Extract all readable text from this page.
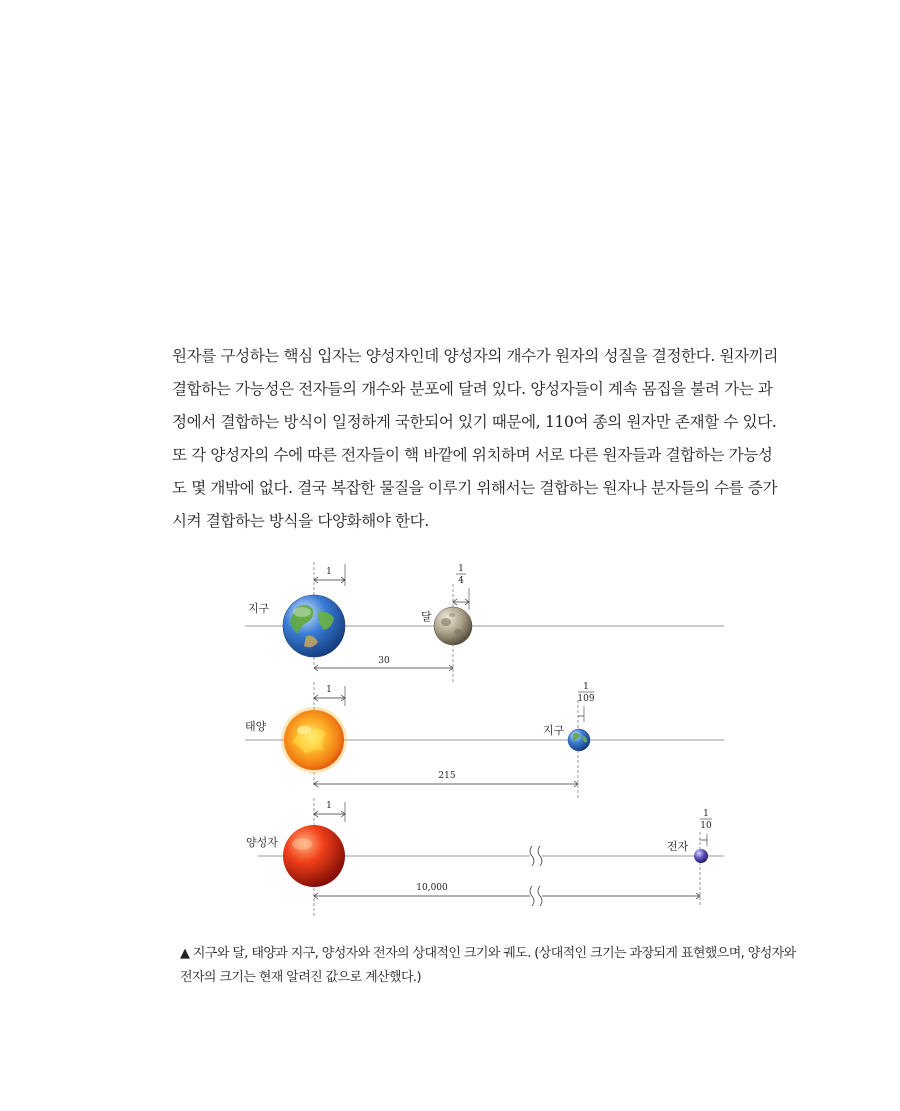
원자를 구성하는 핵심 입자는 양성자인데 양성자의 개수가 원자의 성질을 결정한다. 원자끼리
결합하는 가능성은 전자들의 개수와 분포에 달려 있다. 양성자들이 계속 몸집을 불려 가는 과
정에서 결합하는 방식이 일정하게 국한되어 있기 때문에, 110여 종의 원자만 존재할 수 있다.
또 각 양성자의 수에 따른 전자들이 핵 바깥에 위치하며 서로 다른 원자들과 결합하는 가능성
도 몇 개밖에 없다. 결국 복잡한 물질을 이루기 위해서는 결합하는 원자나 분자들의 수를 증가
시켜 결합하는 방식을 다양화해야 한다.
1
지구
1
4
달
30
1
태양
1
109
지구
215
1
양성자
1
10
전자
10,000
▲ 지구와 달, 태양과 지구, 양성자와 전자의 상대적인 크기와 궤도. (상대적인 크기는 과장되게 표현했으며, 양성자와
전자의 크기는 현재 알려진 값으로 계산했다.)
